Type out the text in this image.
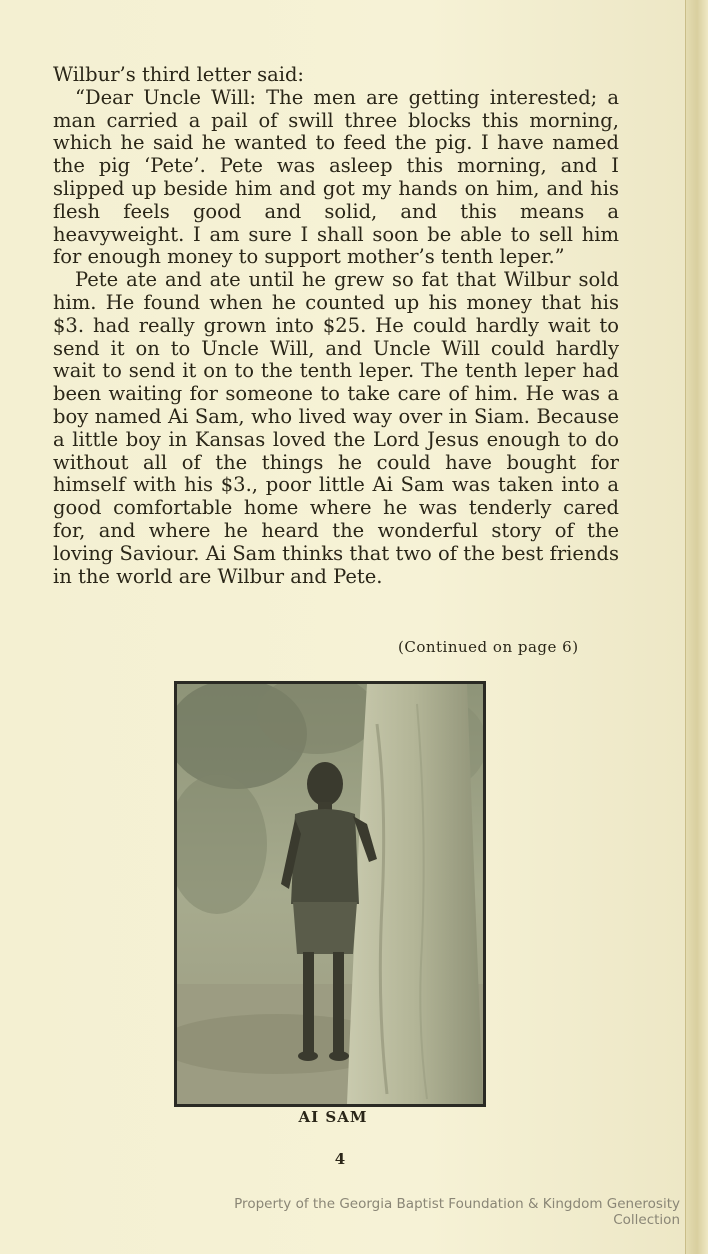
Wilbur’s third letter said:

“Dear Uncle Will: The men are getting interested; a man carried a pail of swill three blocks this morning, which he said he wanted to feed the pig. I have named the pig ‘Pete’. Pete was asleep this morning, and I slipped up beside him and got my hands on him, and his flesh feels good and solid, and this means a heavyweight. I am sure I shall soon be able to sell him for enough money to support mother’s tenth leper.”

Pete ate and ate until he grew so fat that Wilbur sold him. He found when he counted up his money that his $3. had really grown into $25. He could hardly wait to send it on to Uncle Will, and Uncle Will could hardly wait to send it on to the tenth leper. The tenth leper had been waiting for someone to take care of him. He was a boy named Ai Sam, who lived way over in Siam. Because a little boy in Kansas loved the Lord Jesus enough to do without all of the things he could have bought for himself with his $3., poor little Ai Sam was taken into a good comfortable home where he was tenderly cared for, and where he heard the wonderful story of the loving Saviour. Ai Sam thinks that two of the best friends in the world are Wilbur and Pete.

(Continued on page 6)
AI SAM
4
Property of the Georgia Baptist Foundation & Kingdom Generosity Collection
